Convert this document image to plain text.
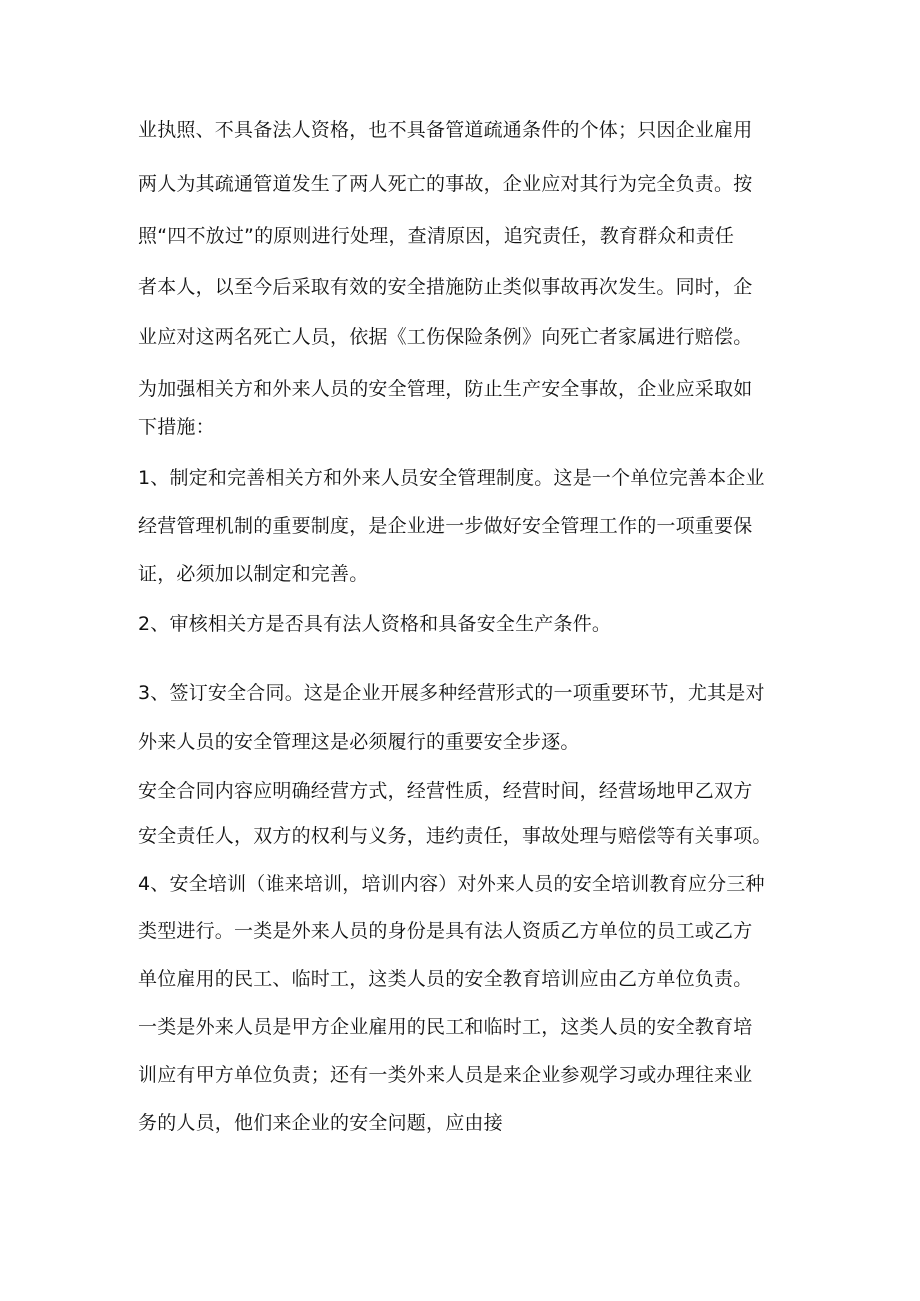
业执照、不具备法人资格，也不具备管道疏通条件的个体；只因企业雇用
两人为其疏通管道发生了两人死亡的事故，企业应对其行为完全负责。按
照“四不放过”的原则进行处理，查清原因，追究责任，教育群众和责任
者本人，以至今后采取有效的安全措施防止类似事故再次发生。同时，企
业应对这两名死亡人员，依据《工伤保险条例》向死亡者家属进行赔偿。
为加强相关方和外来人员的安全管理，防止生产安全事故，企业应采取如
下措施：
1、制定和完善相关方和外来人员安全管理制度。这是一个单位完善本企业
经营管理机制的重要制度，是企业进一步做好安全管理工作的一项重要保
证，必须加以制定和完善。
2、审核相关方是否具有法人资格和具备安全生产条件。
3、签订安全合同。这是企业开展多种经营形式的一项重要环节，尤其是对
外来人员的安全管理这是必须履行的重要安全步逐。
安全合同内容应明确经营方式，经营性质，经营时间，经营场地甲乙双方
安全责任人，双方的权利与义务，违约责任，事故处理与赔偿等有关事项。
4、安全培训（谁来培训，培训内容）对外来人员的安全培训教育应分三种
类型进行。一类是外来人员的身份是具有法人资质乙方单位的员工或乙方
单位雇用的民工、临时工，这类人员的安全教育培训应由乙方单位负责。
一类是外来人员是甲方企业雇用的民工和临时工，这类人员的安全教育培
训应有甲方单位负责；还有一类外来人员是来企业参观学习或办理往来业
务的人员，他们来企业的安全问题，应由接
